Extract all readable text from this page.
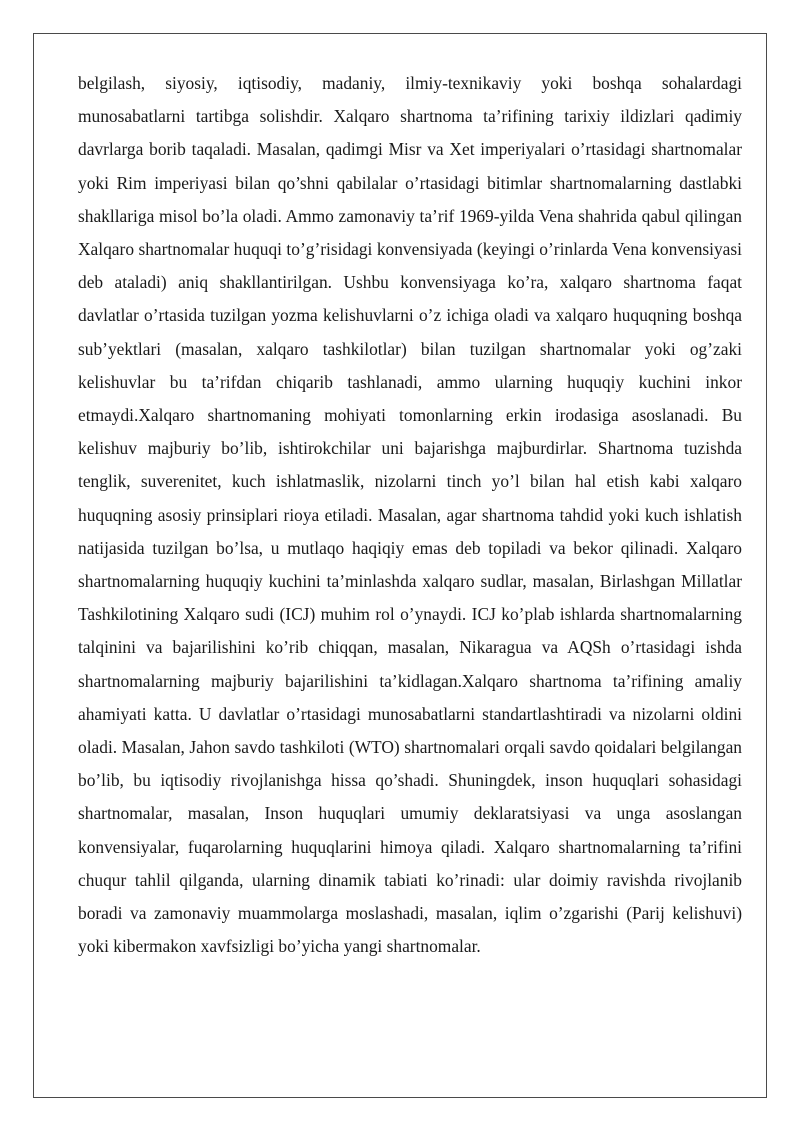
belgilash, siyosiy, iqtisodiy, madaniy, ilmiy-texnikaviy yoki boshqa sohalardagi munosabatlarni tartibga solishdir. Xalqaro shartnoma ta’rifining tarixiy ildizlari qadimiy davrlarga borib taqaladi. Masalan, qadimgi Misr va Xet imperiyalari o’rtasidagi shartnomalar yoki Rim imperiyasi bilan qo’shni qabilalar o’rtasidagi bitimlar shartnomalarning dastlabki shakllariga misol bo’la oladi. Ammo zamonaviy ta’rif 1969-yilda Vena shahrida qabul qilingan Xalqaro shartnomalar huquqi to’g’risidagi konvensiyada (keyingi o’rinlarda Vena konvensiyasi deb ataladi) aniq shakllantirilgan. Ushbu konvensiyaga ko’ra, xalqaro shartnoma faqat davlatlar o’rtasida tuzilgan yozma kelishuvlarni o’z ichiga oladi va xalqaro huquqning boshqa sub’yektlari (masalan, xalqaro tashkilotlar) bilan tuzilgan shartnomalar yoki og’zaki kelishuvlar bu ta’rifdan chiqarib tashlanadi, ammo ularning huquqiy kuchini inkor etmaydi.Xalqaro shartnomaning mohiyati tomonlarning erkin irodasiga asoslanadi. Bu kelishuv majburiy bo’lib, ishtirokchilar uni bajarishga majburdirlar. Shartnoma tuzishda tenglik, suverenitet, kuch ishlatmaslik, nizolarni tinch yo’l bilan hal etish kabi xalqaro huquqning asosiy prinsiplari rioya etiladi. Masalan, agar shartnoma tahdid yoki kuch ishlatish natijasida tuzilgan bo’lsa, u mutlaqo haqiqiy emas deb topiladi va bekor qilinadi. Xalqaro shartnomalarning huquqiy kuchini ta’minlashda xalqaro sudlar, masalan, Birlashgan Millatlar Tashkilotining Xalqaro sudi (ICJ) muhim rol o’ynaydi. ICJ ko’plab ishlarda shartnomalarning talqinini va bajarilishini ko’rib chiqqan, masalan, Nikaragua va AQSh o’rtasidagi ishda shartnomalarning majburiy bajarilishini ta’kidlagan.Xalqaro shartnoma ta’rifining amaliy ahamiyati katta. U davlatlar o’rtasidagi munosabatlarni standartlashtiradi va nizolarni oldini oladi. Masalan, Jahon savdo tashkiloti (WTO) shartnomalari orqali savdo qoidalari belgilangan bo’lib, bu iqtisodiy rivojlanishga hissa qo’shadi. Shuningdek, inson huquqlari sohasidagi shartnomalar, masalan, Inson huquqlari umumiy deklaratsiyasi va unga asoslangan konvensiyalar, fuqarolarning huquqlarini himoya qiladi. Xalqaro shartnomalarning ta’rifini chuqur tahlil qilganda, ularning dinamik tabiati ko’rinadi: ular doimiy ravishda rivojlanib boradi va zamonaviy muammolarga moslashadi, masalan, iqlim o’zgarishi (Parij kelishuvi) yoki kibermakon xavfsizligi bo’yicha yangi shartnomalar.
